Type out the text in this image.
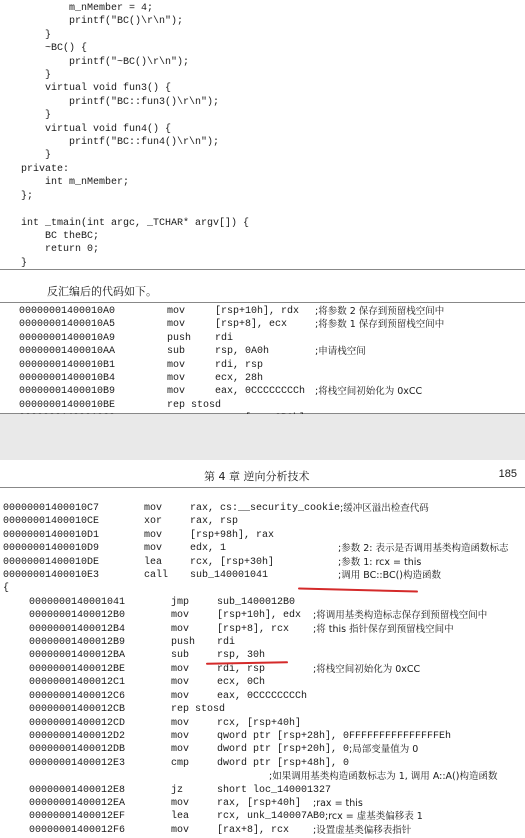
m_nMember = 4;
printf("BC()\r\n");
}
~BC() {
printf("~BC()\r\n");
}
virtual void fun3() {
printf("BC::fun3()\r\n");
}
virtual void fun4() {
printf("BC::fun4()\r\n");
}
private:
int m_nMember;
};

int _tmain(int argc, _TCHAR* argv[]) {
BC theBC;
return 0;
}
反汇编后的代码如下。
00000001400010A0	mov	[rsp+10h], rdx	;将参数 2 保存到预留栈空间中
00000001400010A5	mov	[rsp+8], ecx	;将参数 1 保存到预留栈空间中
00000001400010A9	push	rdi
00000001400010AA	sub	rsp, 0A0h	;申请栈空间
00000001400010B1	mov	rdi, rsp
00000001400010B4	mov	ecx, 28h
00000001400010B9	mov	eax, 0CCCCCCCCh	;将栈空间初始化为 0xCC
00000001400010BE	rep stosd
第 4 章 逆向分析技术	185
00000001400010C7	mov	rax, cs:__security_cookie ;缓冲区溢出检查代码
00000001400010CE	xor	rax, rsp
00000001400010D1	mov	[rsp+98h], rax
00000001400010D9	mov	edx, 1	;参数 2: 表示是否调用基类构造函数标志
00000001400010DE	lea	rcx, [rsp+30h]	;参数 1: rcx = this
00000001400010E3	call	sub_140001041	;调用 BC::BC()构造函数
{
0000000140001041	jmp	sub_1400012B0
00000001400012B0	mov	[rsp+10h], edx	;将调用基类构造标志保存到预留栈空间中
00000001400012B4	mov	[rsp+8], rcx	;将 this 指针保存到预留栈空间中
00000001400012B9	push	rdi
00000001400012BA	sub	rsp, 30h
00000001400012BE	mov	rdi, rsp	;将栈空间初始化为 0xCC
00000001400012C1	mov	ecx, 0Ch
00000001400012C6	mov	eax, 0CCCCCCCCh
00000001400012CB	rep stosd
00000001400012CD	mov	rcx, [rsp+40h]
00000001400012D2	mov	qword ptr [rsp+28h], 0FFFFFFFFFFFFFFFEh
00000001400012DB	mov	dword ptr [rsp+20h], 0 ;局部变量值为 0
00000001400012E3	cmp	dword ptr [rsp+48h], 0
;如果调用基类构造函数标志为 1, 调用 A::A()构造函数
00000001400012E8	jz	short loc_140001327
00000001400012EA	mov	rax, [rsp+40h]	;rax = this
00000001400012EF	lea	rcx, unk_140007AB0 ;rcx = 虚基类偏移表 1
00000001400012F6	mov	[rax+8], rcx	;设置虚基类偏移表指针
